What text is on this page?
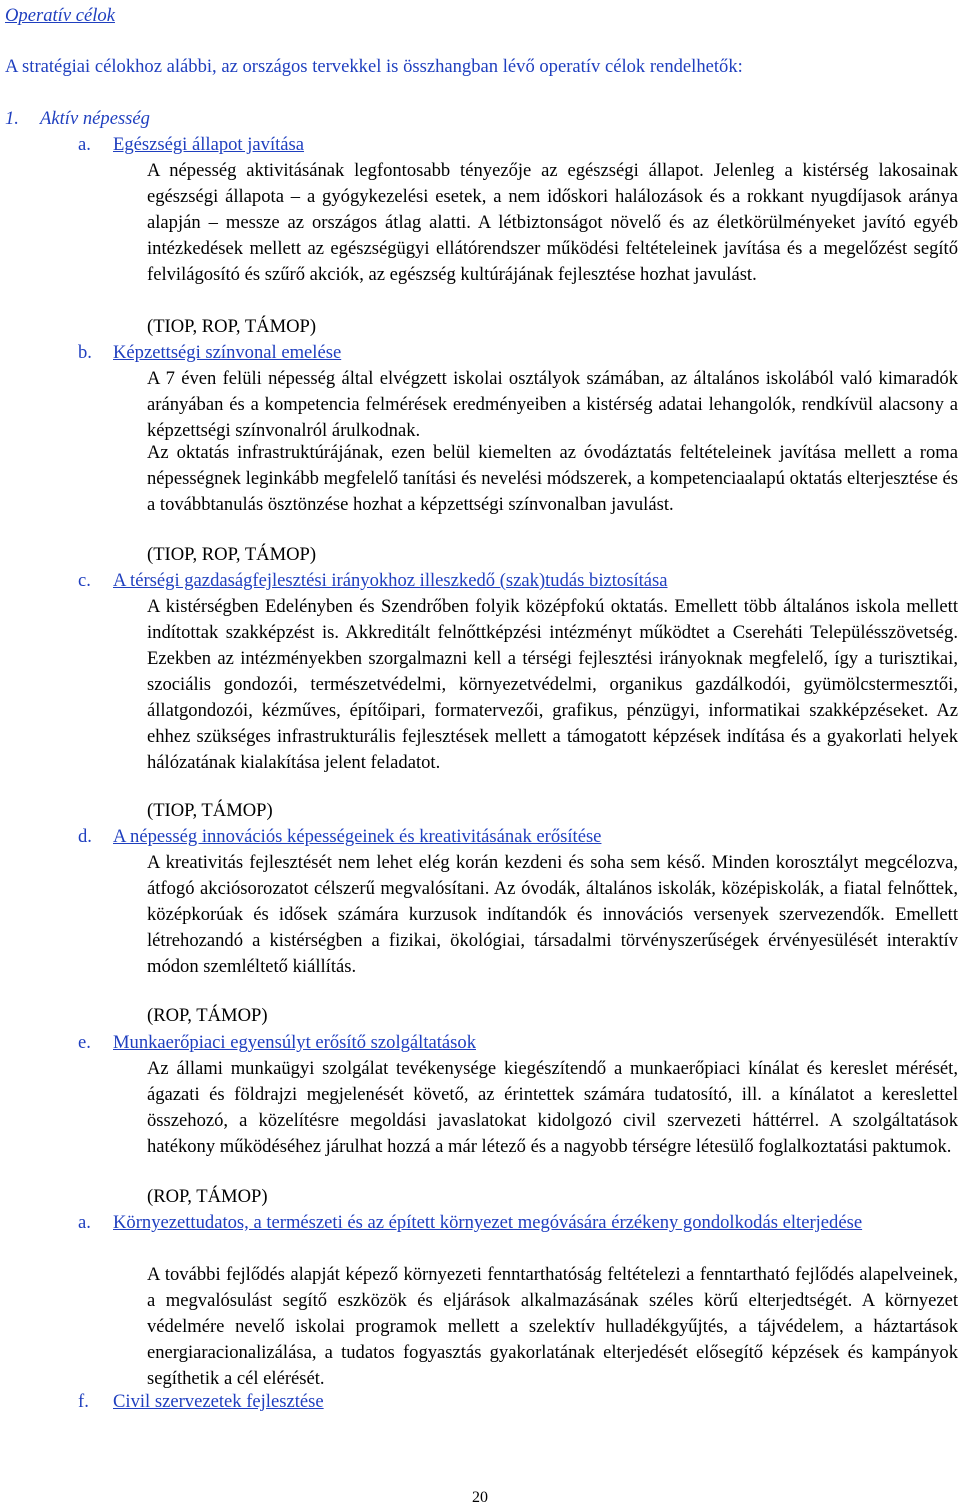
Operatív célok
A stratégiai célokhoz alábbi, az országos tervekkel is összhangban lévő operatív célok rendelhetők:
1. Aktív népesség
a. Egészségi állapot javítása
A népesség aktivitásának legfontosabb tényezője az egészségi állapot. Jelenleg a kistérség lakosainak egészségi állapota – a gyógykezelési esetek, a nem időskori halálozások és a rokkant nyugdíjasok aránya alapján – messze az országos átlag alatti. A létbiztonságot növelő és az életkörülményeket javító egyéb intézkedések mellett az egészségügyi ellátórendszer működési feltételeinek javítása és a megelőzést segítő felvilágosító és szűrő akciók, az egészség kultúrájának fejlesztése hozhat javulást.
(TIOP, ROP, TÁMOP)
b. Képzettségi színvonal emelése
A 7 éven felüli népesség által elvégzett iskolai osztályok számában, az általános iskolából való kimaradók arányában és a kompetencia felmérések eredményeiben a kistérség adatai lehangolók, rendkívül alacsony a képzettségi színvonalról árulkodnak.
Az oktatás infrastruktúrájának, ezen belül kiemelten az óvodáztatás feltételeinek javítása mellett a roma népességnek leginkább megfelelő tanítási és nevelési módszerek, a kompetenciaalapú oktatás elterjesztése és a továbbtanulás ösztönzése hozhat a képzettségi színvonalban javulást.
(TIOP, ROP, TÁMOP)
c. A térségi gazdaságfejlesztési irányokhoz illeszkedő (szak)tudás biztosítása
A kistérségben Edelényben és Szendrőben folyik középfokú oktatás. Emellett több általános iskola mellett indítottak szakképzést is. Akkreditált felnőttképzési intézményt működtet a Csereháti Településszövetség. Ezekben az intézményekben szorgalmazni kell a térségi fejlesztési irányoknak megfelelő, így a turisztikai, szociális gondozói, természetvédelmi, környezetvédelmi, organikus gazdálkodói, gyümölcstermesztői, állatgondozói, kézműves, építőipari, formatervezői, grafikus, pénzügyi, informatikai szakképzéseket. Az ehhez szükséges infrastrukturális fejlesztések mellett a támogatott képzések indítása és a gyakorlati helyek hálózatának kialakítása jelent feladatot.
(TIOP, TÁMOP)
d. A népesség innovációs képességeinek és kreativitásának erősítése
A kreativitás fejlesztését nem lehet elég korán kezdeni és soha sem késő. Minden korosztályt megcélozva, átfogó akciósorozatot célszerű megvalósítani. Az óvodák, általános iskolák, középiskolák, a fiatal felnőttek, középkorúak és idősek számára kurzusok indítandók és innovációs versenyek szervezendők. Emellett létrehozandó a kistérségben a fizikai, ökológiai, társadalmi törvényszerűségek érvényesülését interaktív módon szemléltető kiállítás.
(ROP, TÁMOP)
e. Munkaerőpiaci egyensúlyt erősítő szolgáltatások
Az állami munkaügyi szolgálat tevékenysége kiegészítendő a munkaerőpiaci kínálat és kereslet mérését, ágazati és földrajzi megjelenését követő, az érintettek számára tudatosító, ill. a kínálatot a kereslettel összehozó, a közelítésre megoldási javaslatokat kidolgozó civil szervezeti háttérrel. A szolgáltatások hatékony működéséhez járulhat hozzá a már létező és a nagyobb térségre létesülő foglalkoztatási paktumok.
(ROP, TÁMOP)
a. Környezettudatos, a természeti és az épített környezet megóvására érzékeny gondolkodás elterjedése
A további fejlődés alapját képező környezeti fenntarthatóság feltételezi a fenntartható fejlődés alapelveinek, a megvalósulást segítő eszközök és eljárások alkalmazásának széles körű elterjedtségét. A környezet védelmére nevelő iskolai programok mellett a szelektív hulladékgyűjtés, a tájvédelem, a háztartások energiaracionalizálása, a tudatos fogyasztás gyakorlatának elterjedését elősegítő képzések és kampányok segíthetik a cél elérését.
f. Civil szervezetek fejlesztése
20
